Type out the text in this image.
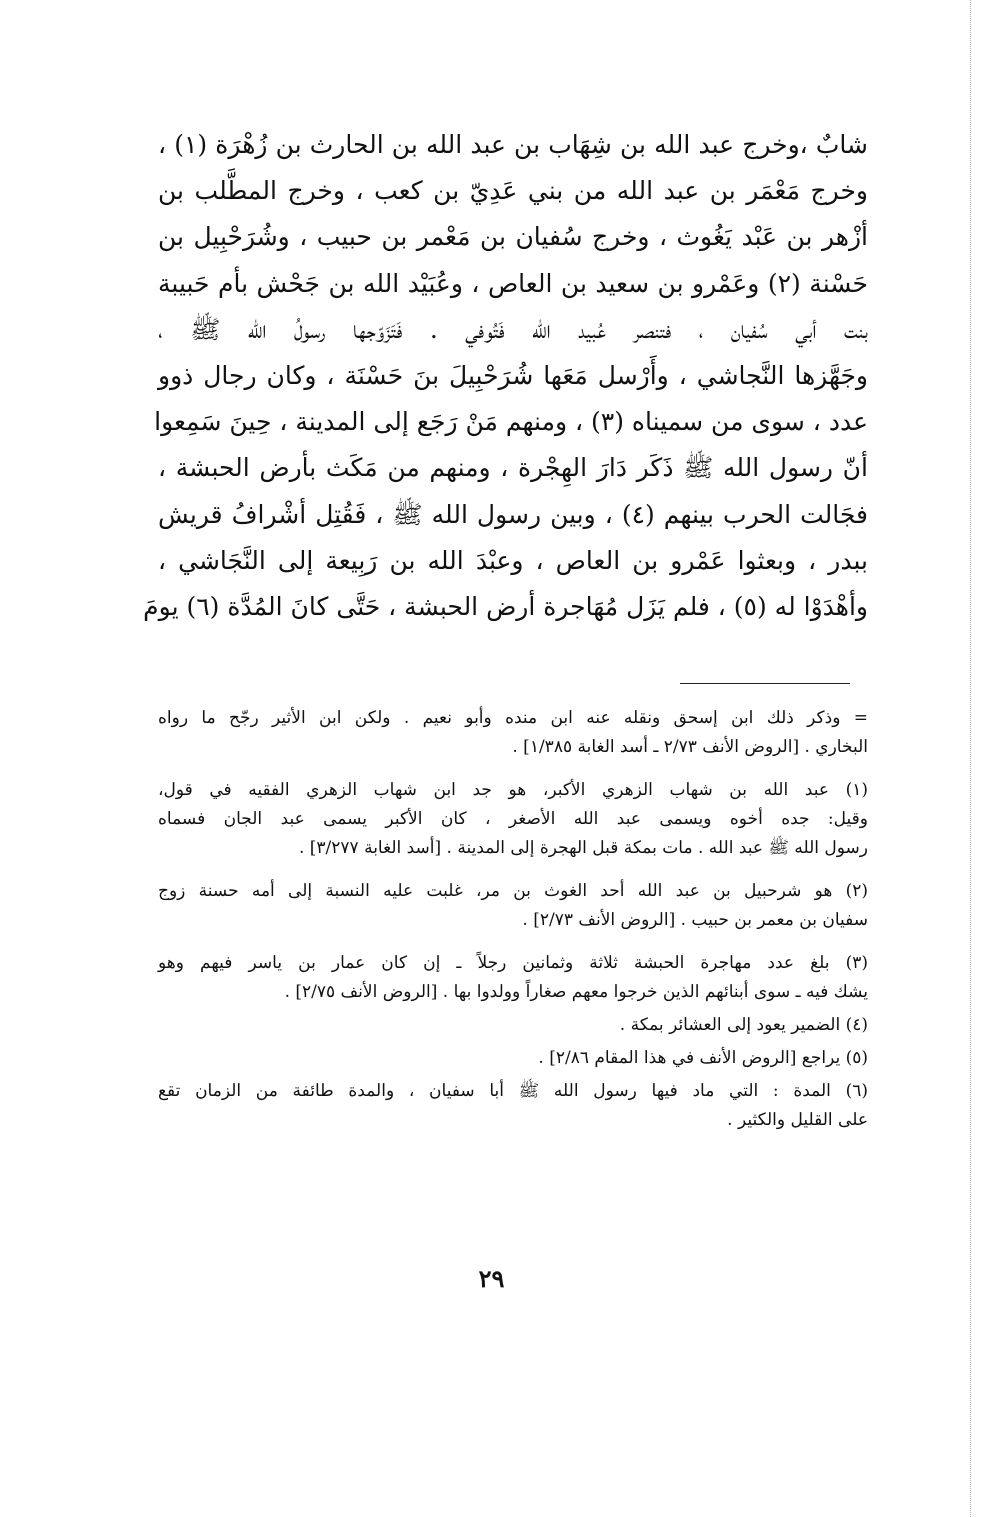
شابٌ ،وخرج عبد الله بن شِهَاب بن عبد الله بن الحارث بن زُهْرَة (١) ،
وخرج مَعْمَر بن عبد الله من بني عَدِيّ بن كعب ، وخرج المطَّلب بن
أزْهر بن عَبْد يَغُوث ، وخرج سُفيان بن مَعْمر بن حبيب ، وشُرَحْبِيل بن
حَسْنة (٢) وعَمْرو بن سعيد بن العاص ، وعُبَيْد الله بن جَحْش بأم حَبيبة
بنت أبي سُفيان ، فتنصر عُبيد الله فَتُوفي . فَتَزَوّجها رسولُ الله ﷺ ،
وجَهَّزها النَّجاشي ، وأَرْسل مَعَها شُرَحْبِيلَ بنَ حَسْنَة ، وكان رجال ذوو
عدد ، سوى من سميناه (٣) ، ومنهم مَنْ رَجَع إلى المدينة ، حِينَ سَمِعوا
أنّ رسول الله ﷺ ذَكَر دَارَ الهِجْرة ، ومنهم من مَكَث بأرض الحبشة ،
فجَالت الحرب بينهم (٤) ، وبين رسول الله ﷺ ، فَقُتِل أشْرافُ قريش
ببدر ، وبعثوا عَمْرو بن العاص ، وعبْدَ الله بن رَبِيعة إلى النَّجَاشي ،
وأهْدَوْا له (٥) ، فلم يَزَل مُهَاجرة أرض الحبشة ، حَتَّى كانَ المُدَّة (٦) يومَ
= وذكر ذلك ابن إسحق ونقله عنه ابن منده وأبو نعيم . ولكن ابن الأثير رجّح ما رواه
البخاري . [الروض الأنف ٢/٧٣ ـ أسد الغابة ١/٣٨٥] .
(١) عبد الله بن شهاب الزهري الأكبر، هو جد ابن شهاب الزهري الفقيه في قول،
وقيل: جده أخوه ويسمى عبد الله الأصغر ، كان الأكبر يسمى عبد الجان فسماه
رسول الله ﷺ عبد الله . مات بمكة قبل الهجرة إلى المدينة . [أسد الغابة ٣/٢٧٧] .
(٢) هو شرحبيل بن عبد الله أحد الغوث بن مر، غلبت عليه النسبة إلى أمه حسنة زوج
سفيان بن معمر بن حبيب . [الروض الأنف ٢/٧٣] .
(٣) بلغ عدد مهاجرة الحبشة ثلاثة وثمانين رجلاً ـ إن كان عمار بن ياسر فيهم وهو
يشك فيه ـ سوى أبنائهم الذين خرجوا معهم صغاراً وولدوا بها . [الروض الأنف ٢/٧٥] .
(٤) الضمير يعود إلى العشائر بمكة .
(٥) يراجع [الروض الأنف في هذا المقام ٢/٨٦] .
(٦) المدة : التي ماد فيها رسول الله ﷺ أبا سفيان ، والمدة طائفة من الزمان تقع
على القليل والكثير .
٢٩
